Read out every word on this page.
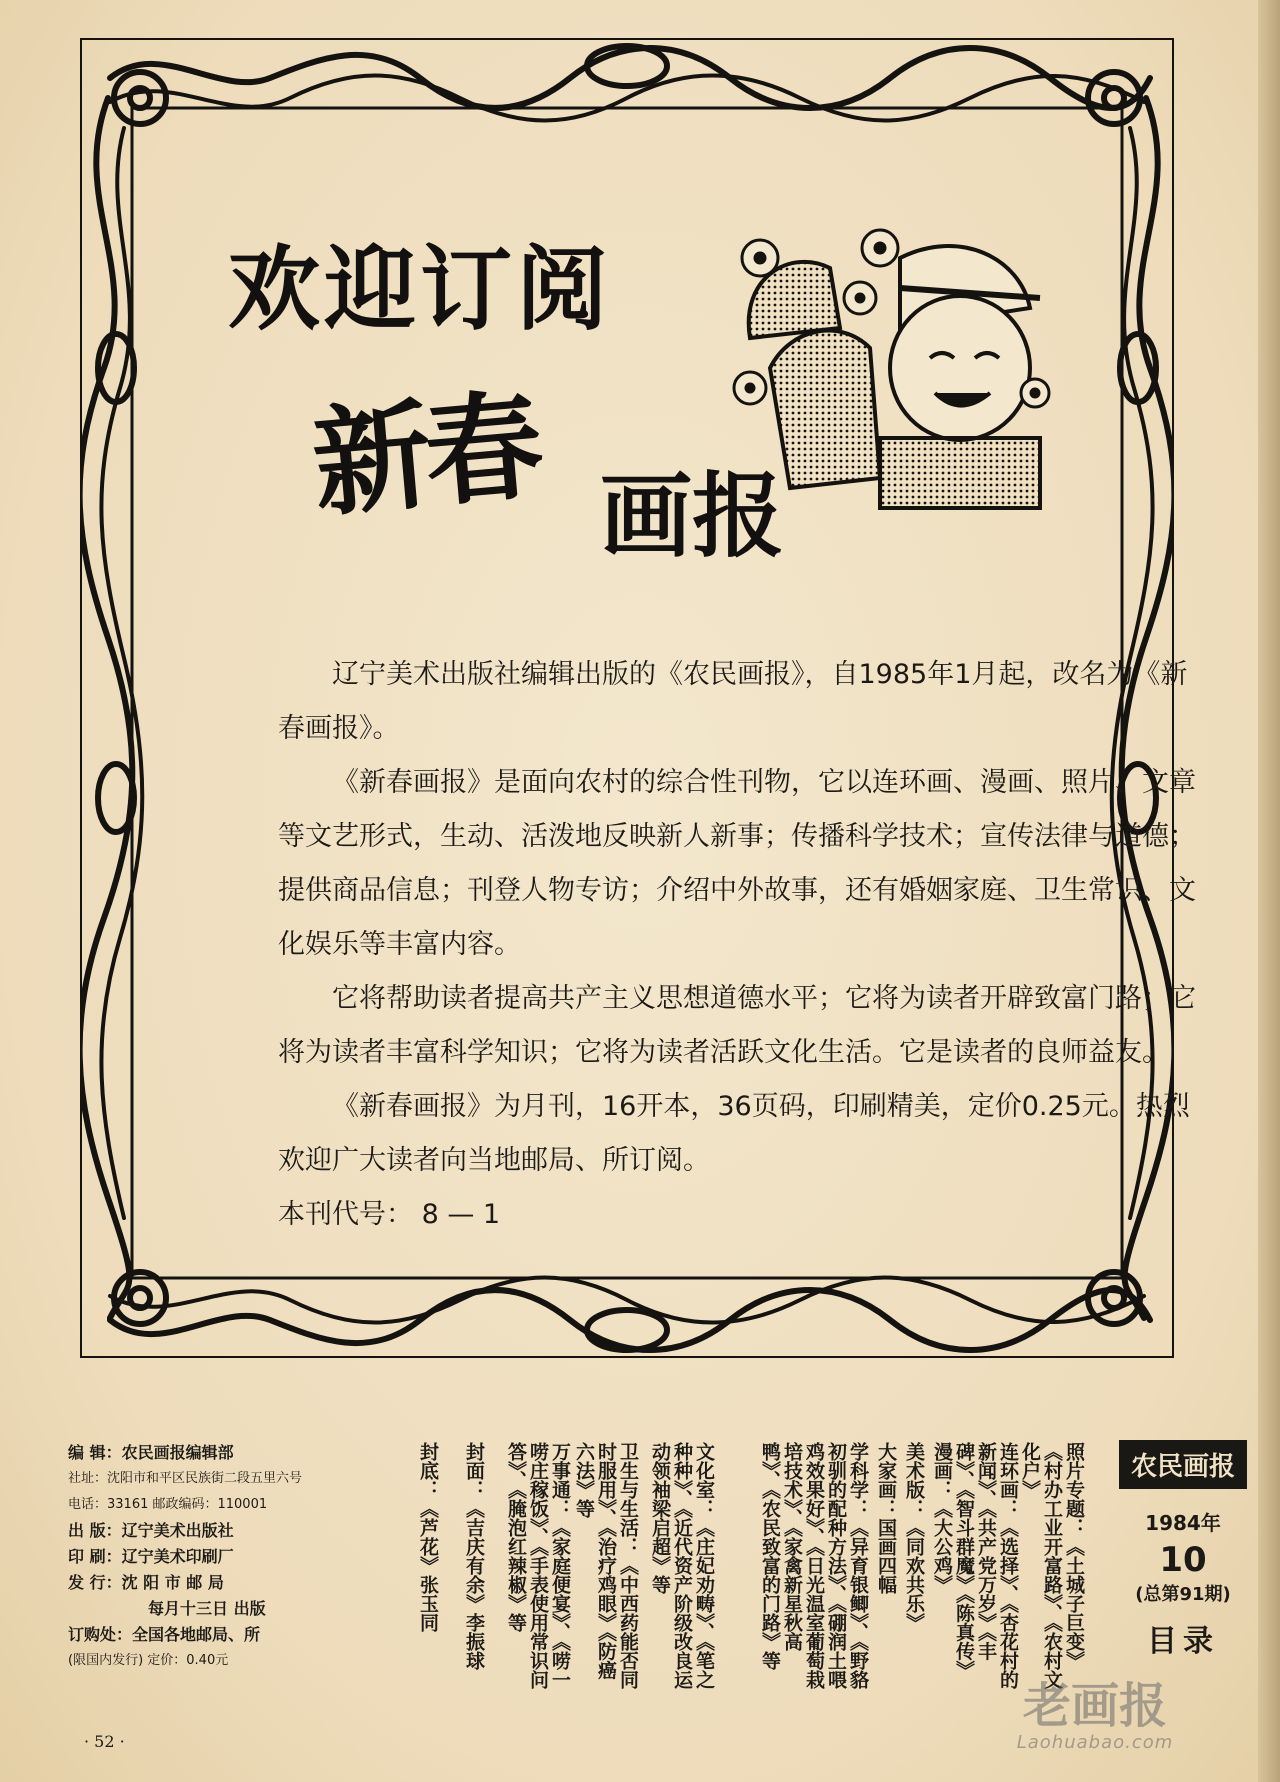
欢迎订阅
新春 画报

辽宁美术出版社编辑出版的《农民画报》，自1985年1月起，改名为《新春画报》。

《新春画报》是面向农村的综合性刊物，它以连环画、漫画、照片、文章等文艺形式，生动、活泼地反映新人新事；传播科学技术；宣传法律与道德；提供商品信息；刊登人物专访；介绍中外故事，还有婚姻家庭、卫生常识、文化娱乐等丰富内容。

它将帮助读者提高共产主义思想道德水平；它将为读者开辟致富门路；它将为读者丰富科学知识；它将为读者活跃文化生活。它是读者的良师益友。

《新春画报》为月刊，16开本，36页码，印刷精美，定价0.25元。热烈欢迎广大读者向当地邮局、所订阅。

本刊代号： 8 — 1

编 辑：农民画报编辑部
社址：沈阳市和平区民族街二段五里六号
电话：33161 邮政编码：110001
出 版：辽宁美术出版社
印 刷：辽宁美术印刷厂
发 行：沈 阳 市 邮 局
每月十三日 出版
订购处：全国各地邮局、所
(限国内发行) 定价：0.40元	照片专题：《土城子巨变》《村办工业开富路》、《农村文化户》
连环画：《选择》、《杏花村的新闻》、《共产党万岁》《丰碑》、《智斗群魔》《陈真传》
漫画：《大公鸡》
美术版：《同欢共乐》
大家画：国画四幅
学科学：《异育银鲫》、《野貉初驯的配种方法》、《硼润土喂鸡效果好》、《日光温室葡萄栽培技术》、《家禽新星秋高鸭》、《农民致富的门路》等
文化室：《庄妃劝畴》、《笔之种种》、《近代资产阶级改良运动领袖梁启超》等
卫生与生活：《中西药能否同时服用》、《治疗鸡眼》《防癌六法》等
万事通：《家庭便宴》、《唠一唠庄稼饭》、《手表使用常识问答》、《腌泡红辣椒》等
封面：《吉庆有余》李振球
封底：《芦花》张玉同	农民画报
1984年
10
(总第91期)
目录
· 52 ·
老画报
Laohuabao.com
